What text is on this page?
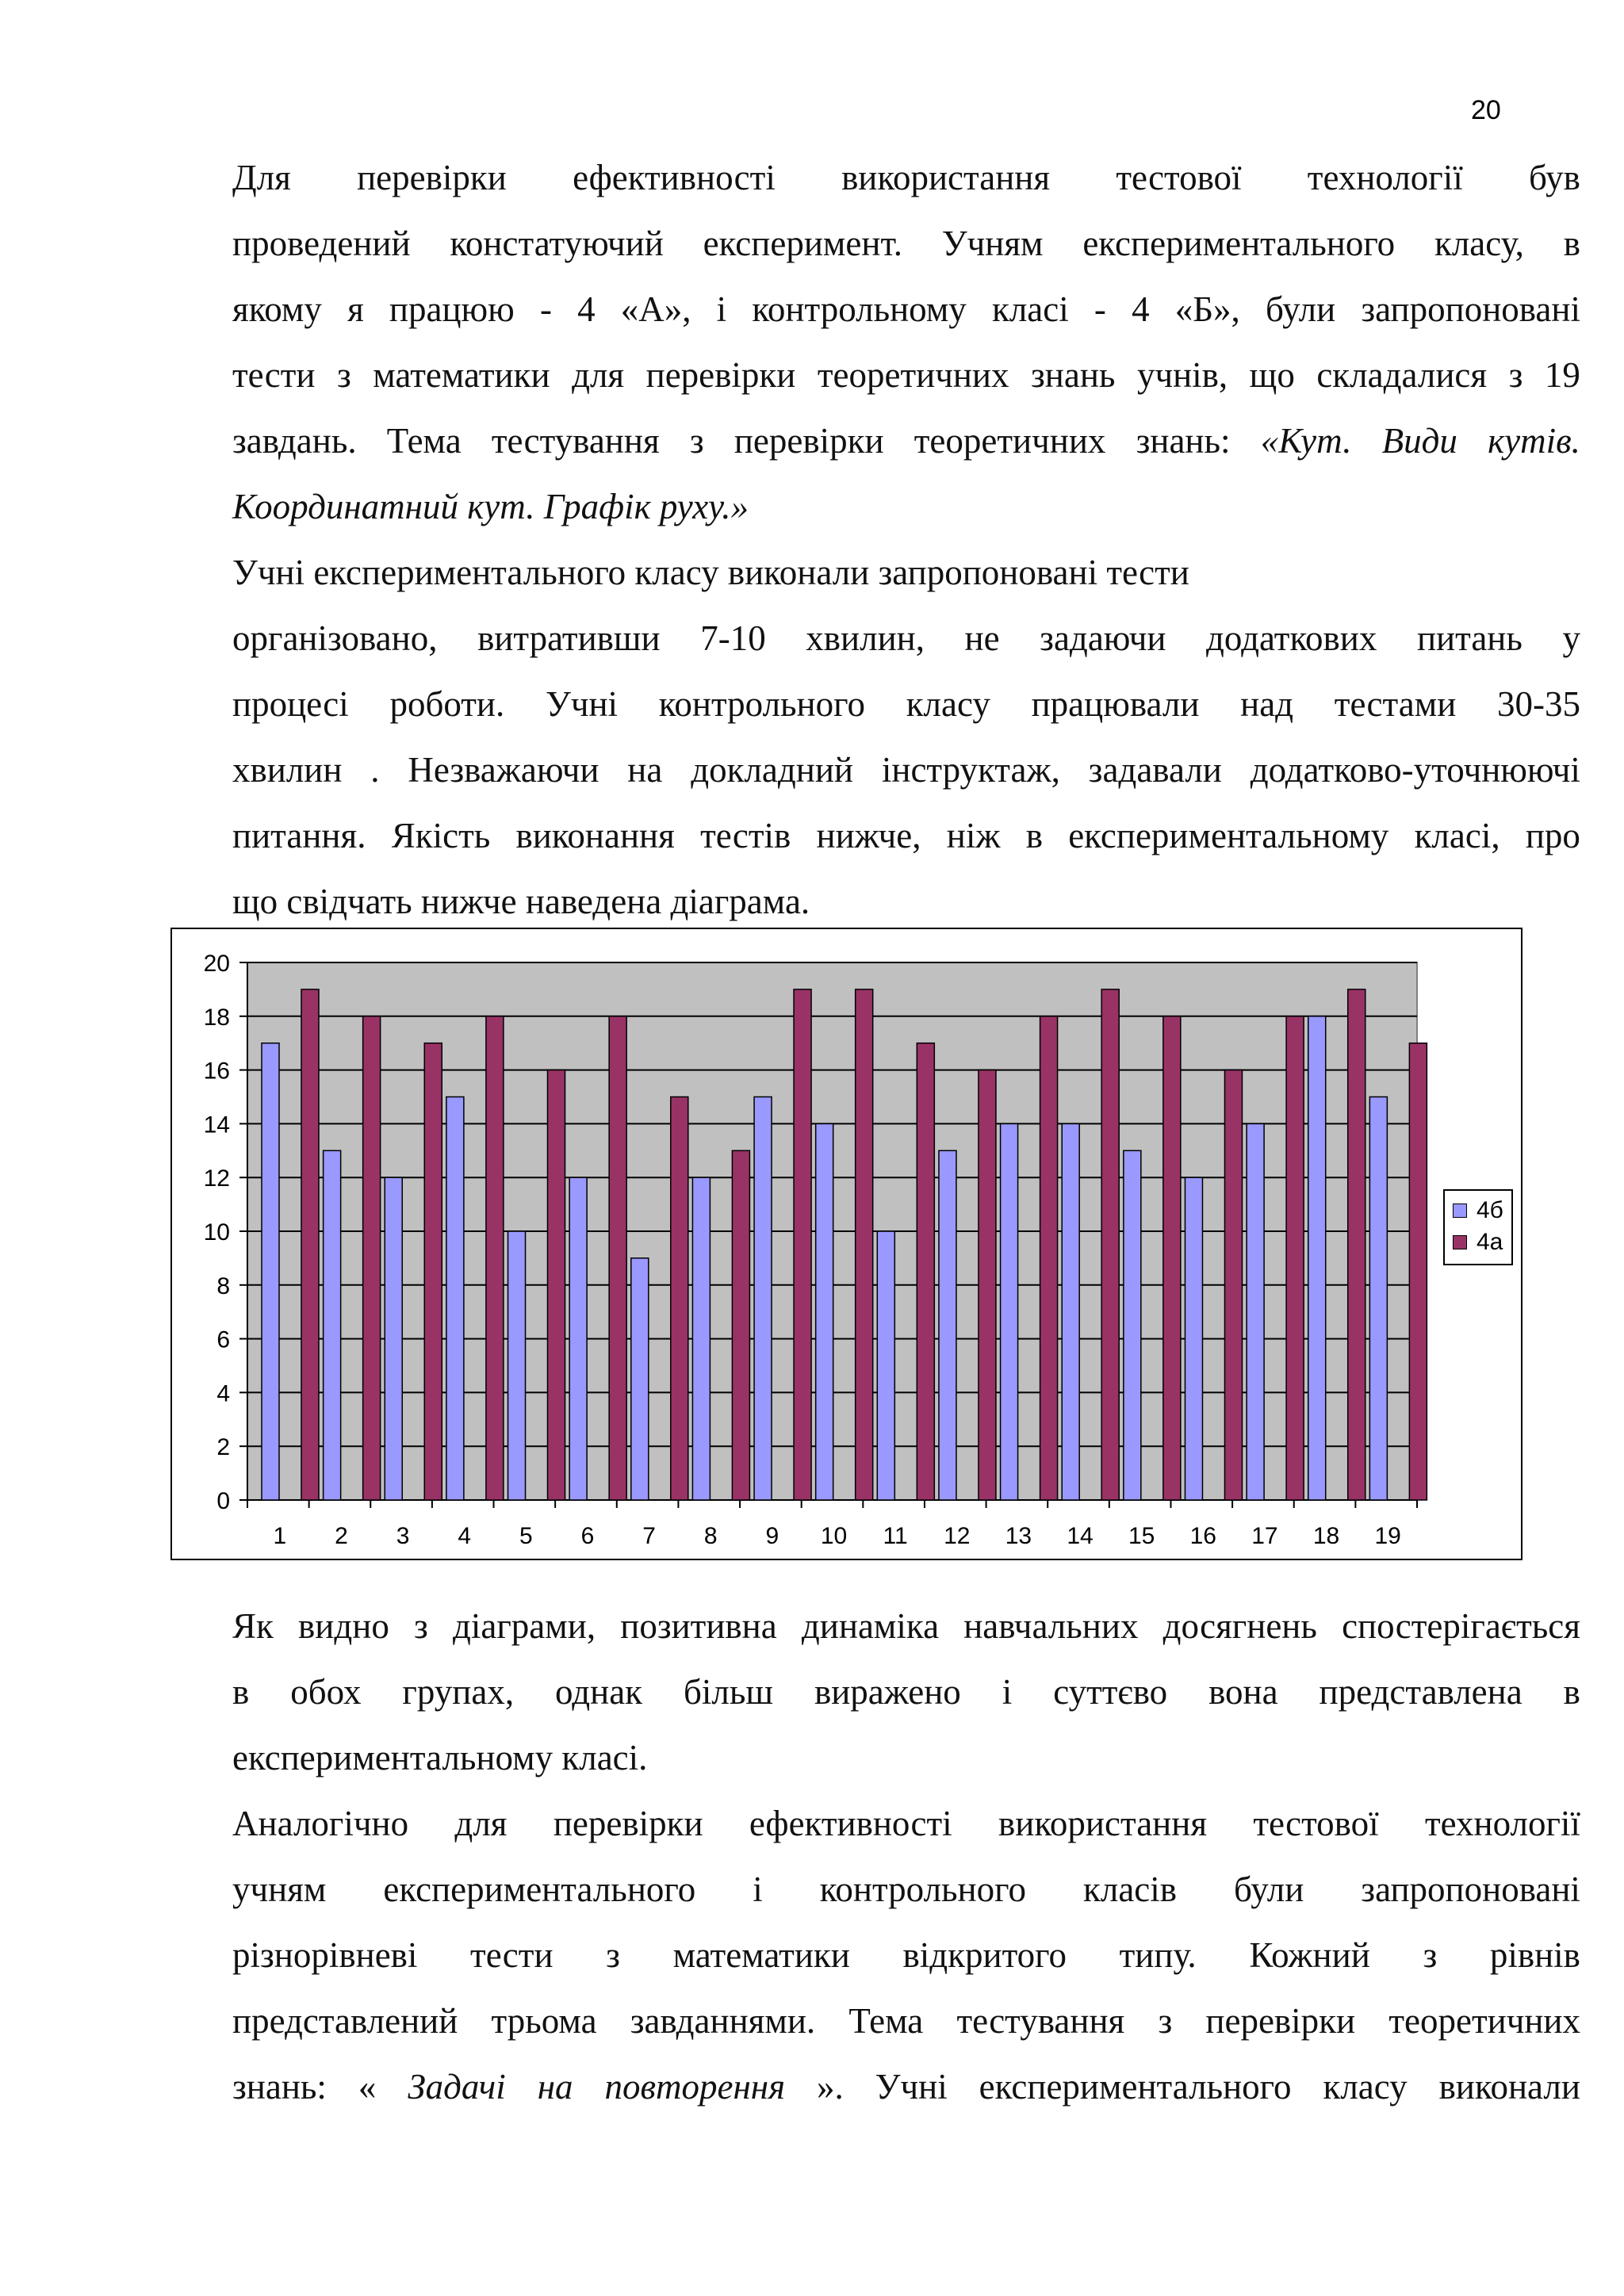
20
Для перевірки ефективності використання тестової технології був
проведений констатуючий експеримент. Учням експериментального класу, в
якому я працюю - 4 «А», і контрольному класі - 4 «Б», були запропоновані
тести з математики для перевірки теоретичних знань учнів, що складалися з 19
завдань. Тема тестування з перевірки теоретичних знань: «Кут. Види кутів.
Координатний кут. Графік руху.»
Учні експериментального класу виконали запропоновані тести
організовано, витративши 7-10 хвилин, не задаючи додаткових питань у
процесі роботи. Учні контрольного класу працювали над тестами 30-35
хвилин . Незважаючи на докладний інструктаж, задавали додатково-уточнюючі
питання. Якість виконання тестів нижче, ніж в експериментальному класі, про
що свідчать нижче наведена діаграма.
0
2
4
6
8
10
12
14
16
18
20
1 2 3 4 5 6 7 8 9 10 11 12 13 14 15 16 17 18 19
4б
4а
Як видно з діаграми, позитивна динаміка навчальних досягнень спостерігається
в обох групах, однак більш виражено і суттєво вона представлена в
експериментальному класі.
Аналогічно для перевірки ефективності використання тестової технології
учням експериментального і контрольного класів були запропоновані
різнорівневі тести з математики відкритого типу. Кожний з рівнів
представлений трьома завданнями. Тема тестування з перевірки теоретичних
знань: « Задачі на повторення ». Учні експериментального класу виконали
